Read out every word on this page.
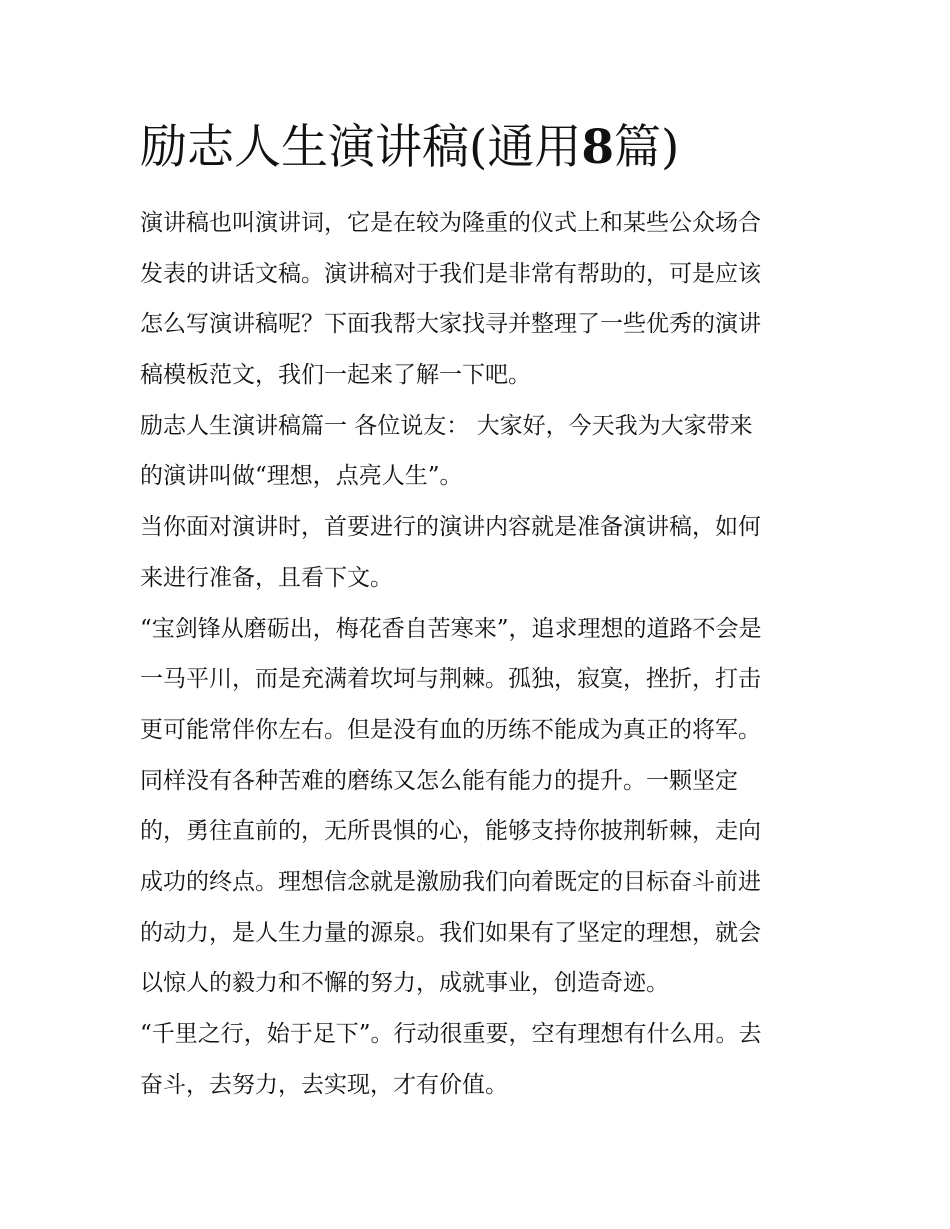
励志人生演讲稿(通用8篇)

演讲稿也叫演讲词，它是在较为隆重的仪式上和某些公众场合

发表的讲话文稿。演讲稿对于我们是非常有帮助的，可是应该

怎么写演讲稿呢？下面我帮大家找寻并整理了一些优秀的演讲

稿模板范文，我们一起来了解一下吧。

励志人生演讲稿篇一 各位说友： 大家好，今天我为大家带来

的演讲叫做“理想，点亮人生”。

当你面对演讲时，首要进行的演讲内容就是准备演讲稿，如何

来进行准备，且看下文。

“宝剑锋从磨砺出，梅花香自苦寒来”，追求理想的道路不会是

一马平川，而是充满着坎坷与荆棘。孤独，寂寞，挫折，打击

更可能常伴你左右。但是没有血的历练不能成为真正的将军。

同样没有各种苦难的磨练又怎么能有能力的提升。一颗坚定

的，勇往直前的，无所畏惧的心，能够支持你披荆斩棘，走向

成功的终点。理想信念就是激励我们向着既定的目标奋斗前进

的动力，是人生力量的源泉。我们如果有了坚定的理想，就会

以惊人的毅力和不懈的努力，成就事业，创造奇迹。

“千里之行，始于足下”。行动很重要，空有理想有什么用。去

奋斗，去努力，去实现，才有价值。
